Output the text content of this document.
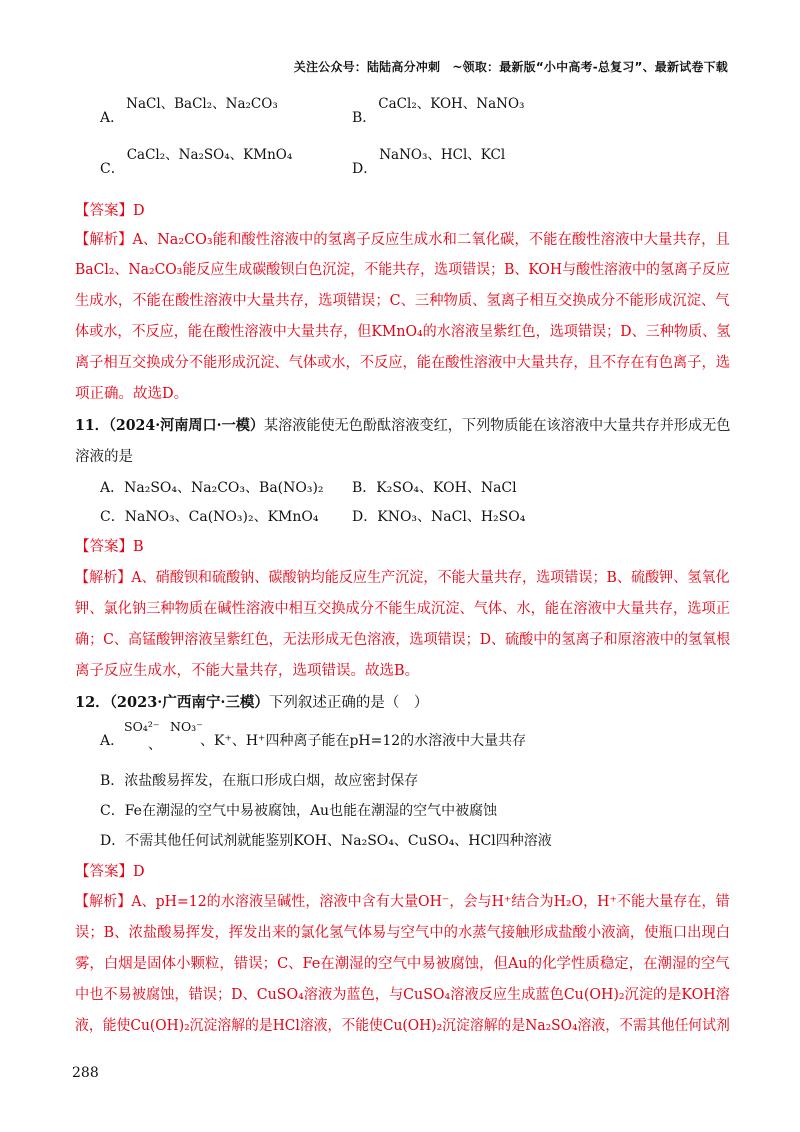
关注公众号：陆陆高分冲刺　~领取：最新版“小中高考-总复习”、最新试卷下载
A．NaCl、BaCl₂、Na₂CO₃
B．CaCl₂、KOH、NaNO₃
C．CaCl₂、Na₂SO₄、KMnO₄
D．NaNO₃、HCl、KCl
【答案】D
【解析】A、Na₂CO₃能和酸性溶液中的氢离子反应生成水和二氧化碳，不能在酸性溶液中大量共存，且
BaCl₂、Na₂CO₃能反应生成碳酸钡白色沉淀，不能共存，选项错误；B、KOH与酸性溶液中的氢离子反应
生成水，不能在酸性溶液中大量共存，选项错误；C、三种物质、氢离子相互交换成分不能形成沉淀、气
体或水，不反应，能在酸性溶液中大量共存，但KMnO₄的水溶液呈紫红色，选项错误；D、三种物质、氢
离子相互交换成分不能形成沉淀、气体或水，不反应，能在酸性溶液中大量共存，且不存在有色离子，选
项正确。故选D。
11．（2024·河南周口·一模）某溶液能使无色酚酞溶液变红，下列物质能在该溶液中大量共存并形成无色
溶液的是
A．Na₂SO₄、Na₂CO₃、Ba(NO₃)₂ B．K₂SO₄、KOH、NaCl
C．NaNO₃、Ca(NO₃)₂、KMnO₄ D．KNO₃、NaCl、H₂SO₄
【答案】B
【解析】A、硝酸钡和硫酸钠、碳酸钠均能反应生产沉淀，不能大量共存，选项错误；B、硫酸钾、氢氧化
钾、氯化钠三种物质在碱性溶液中相互交换成分不能生成沉淀、气体、水，能在溶液中大量共存，选项正
确；C、高锰酸钾溶液呈紫红色，无法形成无色溶液，选项错误；D、硫酸中的氢离子和原溶液中的氢氧根
离子反应生成水，不能大量共存，选项错误。故选B。
12．（2023·广西南宁·三模）下列叙述正确的是（　）
A．
SO₄²⁻
、
NO₃⁻
、K⁺、H⁺四种离子能在pH=12的水溶液中大量共存
B．浓盐酸易挥发，在瓶口形成白烟，故应密封保存
C．Fe在潮湿的空气中易被腐蚀，Au也能在潮湿的空气中被腐蚀
D．不需其他任何试剂就能鉴别KOH、Na₂SO₄、CuSO₄、HCl四种溶液
【答案】D
【解析】A、pH=12的水溶液呈碱性，溶液中含有大量OH⁻，会与H⁺结合为H₂O，H⁺不能大量存在，错
误；B、浓盐酸易挥发，挥发出来的氯化氢气体易与空气中的水蒸气接触形成盐酸小液滴，使瓶口出现白
雾，白烟是固体小颗粒，错误；C、Fe在潮湿的空气中易被腐蚀，但Au的化学性质稳定，在潮湿的空气
中也不易被腐蚀，错误；D、CuSO₄溶液为蓝色，与CuSO₄溶液反应生成蓝色Cu(OH)₂沉淀的是KOH溶
液，能使Cu(OH)₂沉淀溶解的是HCl溶液，不能使Cu(OH)₂沉淀溶解的是Na₂SO₄溶液，不需其他任何试剂
288
